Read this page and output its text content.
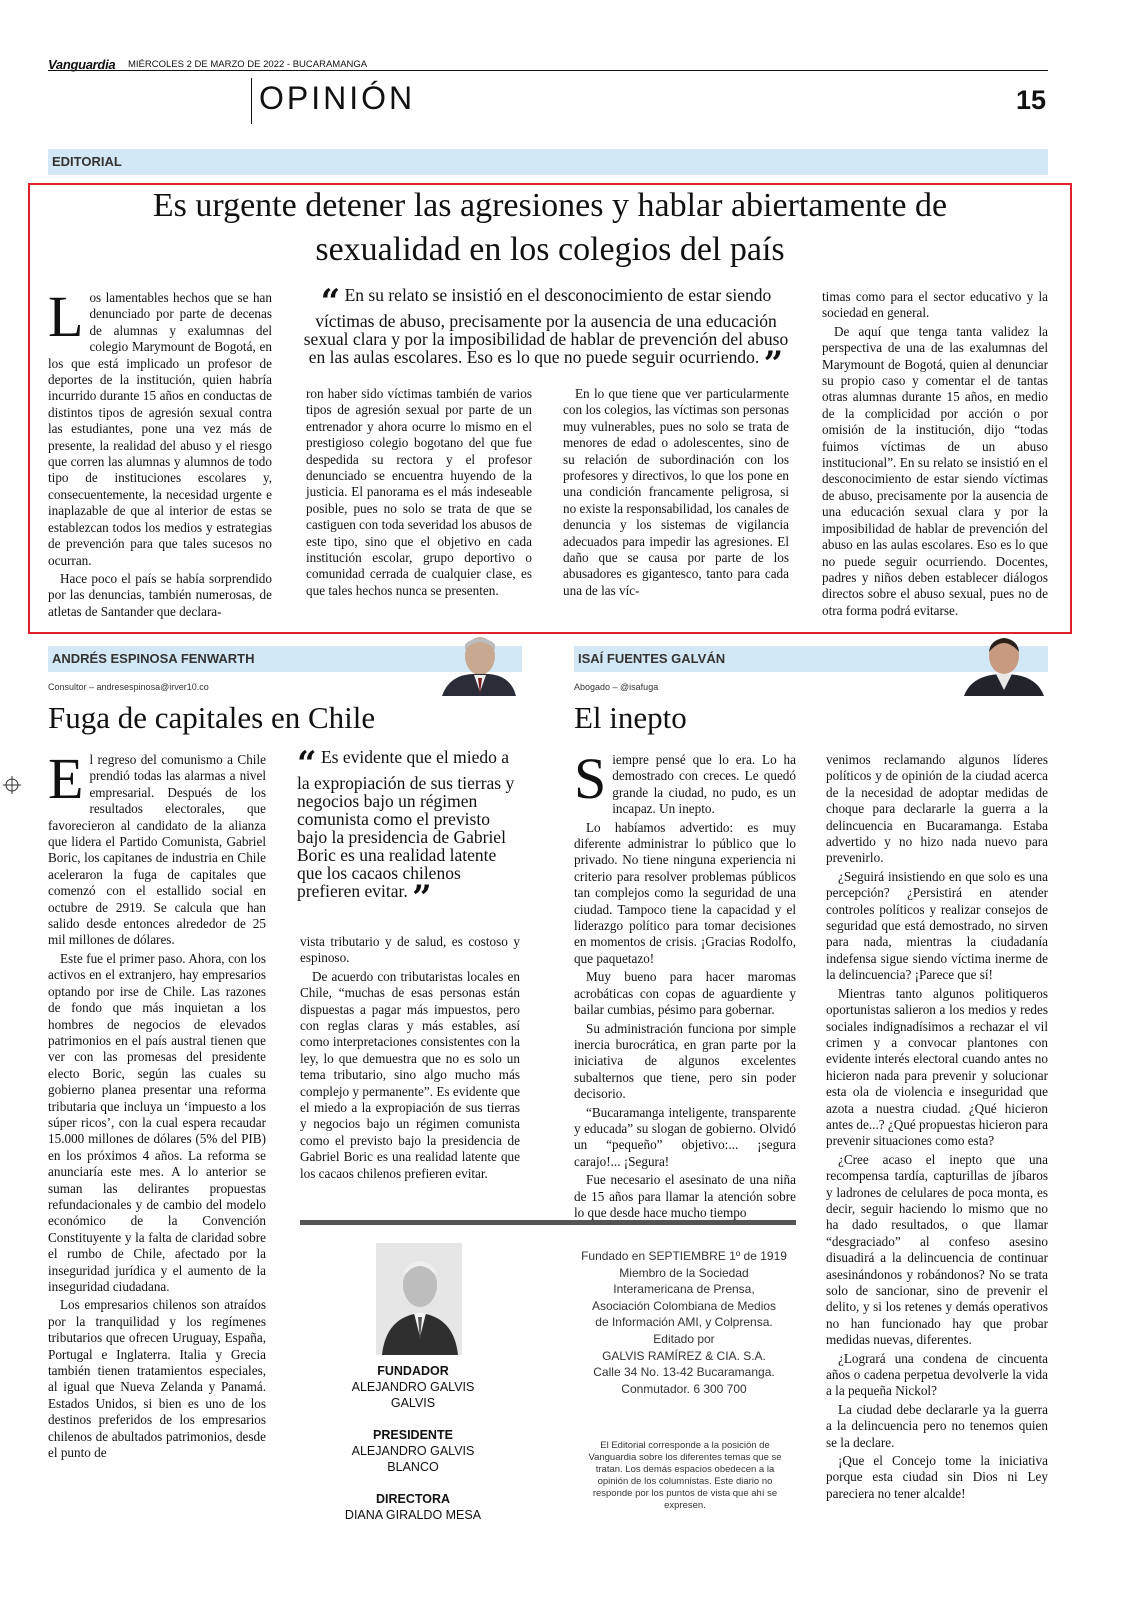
Vanguardia MIÉRCOLES 2 DE MARZO DE 2022 - BUCARAMANGA
OPINIÓN	15
EDITORIAL
Es urgente detener las agresiones y hablar abiertamente de
sexualidad en los colegios del país

Los lamentables hechos que se han denunciado por parte de decenas de alumnas y exalumnas del colegio Marymount de Bogotá, en los que está implicado un profesor de deportes de la institución, quien habría incurrido durante 15 años en conductas de distintos tipos de agresión sexual contra las estudiantes, pone una vez más de presente, la realidad del abuso y el riesgo que corren las alumnas y alumnos de todo tipo de instituciones escolares y, consecuentemente, la necesidad urgente e inaplazable de que al interior de estas se establezcan todos los medios y estrategias de prevención para que tales sucesos no ocurran.

Hace poco el país se había sorprendido por las denuncias, también numerosas, de atletas de Santander que declara-

“ En su relato se insistió en el desconocimiento de estar siendo víctimas de abuso, precisamente por la ausencia de una educación sexual clara y por la imposibilidad de hablar de prevención del abuso en las aulas escolares. Eso es lo que no puede seguir ocurriendo. ”

ron haber sido víctimas también de varios tipos de agresión sexual por parte de un entrenador y ahora ocurre lo mismo en el prestigioso colegio bogotano del que fue despedida su rectora y el profesor denunciado se encuentra huyendo de la justicia. El panorama es el más indeseable posible, pues no solo se trata de que se castiguen con toda severidad los abusos de este tipo, sino que el objetivo en cada institución escolar, grupo deportivo o comunidad cerrada de cualquier clase, es que tales hechos nunca se presenten.

En lo que tiene que ver particularmente con los colegios, las víctimas son personas muy vulnerables, pues no solo se trata de menores de edad o adolescentes, sino de su relación de subordinación con los profesores y directivos, lo que los pone en una condición francamente peligrosa, si no existe la responsabilidad, los canales de denuncia y los sistemas de vigilancia adecuados para impedir las agresiones. El daño que se causa por parte de los abusadores es gigantesco, tanto para cada una de las víc-

timas como para el sector educativo y la sociedad en general.

De aquí que tenga tanta validez la perspectiva de una de las exalumnas del Marymount de Bogotá, quien al denunciar su propio caso y comentar el de tantas otras alumnas durante 15 años, en medio de la complicidad por acción o por omisión de la institución, dijo “todas fuimos víctimas de un abuso institucional”. En su relato se insistió en el desconocimiento de estar siendo víctimas de abuso, precisamente por la ausencia de una educación sexual clara y por la imposibilidad de hablar de prevención del abuso en las aulas escolares. Eso es lo que no puede seguir ocurriendo. Docentes, padres y niños deben establecer diálogos directos sobre el abuso sexual, pues no de otra forma podrá evitarse.

ANDRÉS ESPINOSA FENWARTH
Consultor – andresespinosa@irver10.co
Fuga de capitales en Chile

El regreso del comunismo a Chile prendió todas las alarmas a nivel empresarial. Después de los resultados electorales, que favorecieron al candidato de la alianza que lidera el Partido Comunista, Gabriel Boric, los capitanes de industria en Chile aceleraron la fuga de capitales que comenzó con el estallido social en octubre de 2919. Se calcula que han salido desde entonces alrededor de 25 mil millones de dólares.

Este fue el primer paso. Ahora, con los activos en el extranjero, hay empresarios optando por irse de Chile. Las razones de fondo que más inquietan a los hombres de negocios de elevados patrimonios en el país austral tienen que ver con las promesas del presidente electo Boric, según las cuales su gobierno planea presentar una reforma tributaria que incluya un ‘impuesto a los súper ricos’, con la cual espera recaudar 15.000 millones de dólares (5% del PIB) en los próximos 4 años. La reforma se anunciaría este mes. A lo anterior se suman las delirantes propuestas refundacionales y de cambio del modelo económico de la Convención Constituyente y la falta de claridad sobre el rumbo de Chile, afectado por la inseguridad jurídica y el aumento de la inseguridad ciudadana.

Los empresarios chilenos son atraídos por la tranquilidad y los regímenes tributarios que ofrecen Uruguay, España, Portugal e Inglaterra. Italia y Grecia también tienen tratamientos especiales, al igual que Nueva Zelanda y Panamá. Estados Unidos, si bien es uno de los destinos preferidos de los empresarios chilenos de abultados patrimonios, desde el punto de

“ Es evidente que el miedo a la expropiación de sus tierras y negocios bajo un régimen comunista como el previsto bajo la presidencia de Gabriel Boric es una realidad latente que los cacaos chilenos prefieren evitar. ”

vista tributario y de salud, es costoso y espinoso.

De acuerdo con tributaristas locales en Chile, “muchas de esas personas están dispuestas a pagar más impuestos, pero con reglas claras y más estables, así como interpretaciones consistentes con la ley, lo que demuestra que no es solo un tema tributario, sino algo mucho más complejo y permanente”. Es evidente que el miedo a la expropiación de sus tierras y negocios bajo un régimen comunista como el previsto bajo la presidencia de Gabriel Boric es una realidad latente que los cacaos chilenos prefieren evitar.

FUNDADOR
ALEJANDRO GALVIS GALVIS
PRESIDENTE
ALEJANDRO GALVIS BLANCO
DIRECTORA
DIANA GIRALDO MESA
Fundado en SEPTIEMBRE 1º de 1919
Miembro de la Sociedad
Interamericana de Prensa,
Asociación Colombiana de Medios
de Información AMI, y Colprensa.
Editado por
GALVIS RAMÍREZ & CIA. S.A.
Calle 34 No. 13-42 Bucaramanga.
Conmutador. 6 300 700
El Editorial corresponde a la posición de Vanguardia sobre los diferentes temas que se tratan. Los demás espacios obedecen a la opinión de los columnistas. Este diario no responde por los puntos de vista que ahí se expresen.
ISAÍ FUENTES GALVÁN
Abogado – @isafuga
El inepto

Siempre pensé que lo era. Lo ha demostrado con creces. Le quedó grande la ciudad, no pudo, es un incapaz. Un inepto.

Lo habíamos advertido: es muy diferente administrar lo público que lo privado. No tiene ninguna experiencia ni criterio para resolver problemas públicos tan complejos como la seguridad de una ciudad. Tampoco tiene la capacidad y el liderazgo político para tomar decisiones en momentos de crisis. ¡Gracias Rodolfo, que paquetazo!

Muy bueno para hacer maromas acrobáticas con copas de aguardiente y bailar cumbias, pésimo para gobernar.

Su administración funciona por simple inercia burocrática, en gran parte por la iniciativa de algunos excelentes subalternos que tiene, pero sin poder decisorio.

“Bucaramanga inteligente, transparente y educada” su slogan de gobierno. Olvidó un “pequeño” objetivo:... ¡segura carajo!... ¡Segura!

Fue necesario el asesinato de una niña de 15 años para llamar la atención sobre lo que desde hace mucho tiempo

venimos reclamando algunos líderes políticos y de opinión de la ciudad acerca de la necesidad de adoptar medidas de choque para declararle la guerra a la delincuencia en Bucaramanga. Estaba advertido y no hizo nada nuevo para prevenirlo.

¿Seguirá insistiendo en que solo es una percepción? ¿Persistirá en atender controles políticos y realizar consejos de seguridad que está demostrado, no sirven para nada, mientras la ciudadanía indefensa sigue siendo víctima inerme de la delincuencia? ¡Parece que sí!

Mientras tanto algunos politiqueros oportunistas salieron a los medios y redes sociales indignadísimos a rechazar el vil crimen y a convocar plantones con evidente interés electoral cuando antes no hicieron nada para prevenir y solucionar esta ola de violencia e inseguridad que azota a nuestra ciudad. ¿Qué hicieron antes de...? ¿Qué propuestas hicieron para prevenir situaciones como esta?

¿Cree acaso el inepto que una recompensa tardía, capturillas de jíbaros y ladrones de celulares de poca monta, es decir, seguir haciendo lo mismo que no ha dado resultados, o que llamar “desgraciado” al confeso asesino disuadirá a la delincuencia de continuar asesinándonos y robándonos? No se trata solo de sancionar, sino de prevenir el delito, y si los retenes y demás operativos no han funcionado hay que probar medidas nuevas, diferentes.

¿Logrará una condena de cincuenta años o cadena perpetua devolverle la vida a la pequeña Nickol?

La ciudad debe declararle ya la guerra a la delincuencia pero no tenemos quien se la declare.

¡Que el Concejo tome la iniciativa porque esta ciudad sin Dios ni Ley pareciera no tener alcalde!
